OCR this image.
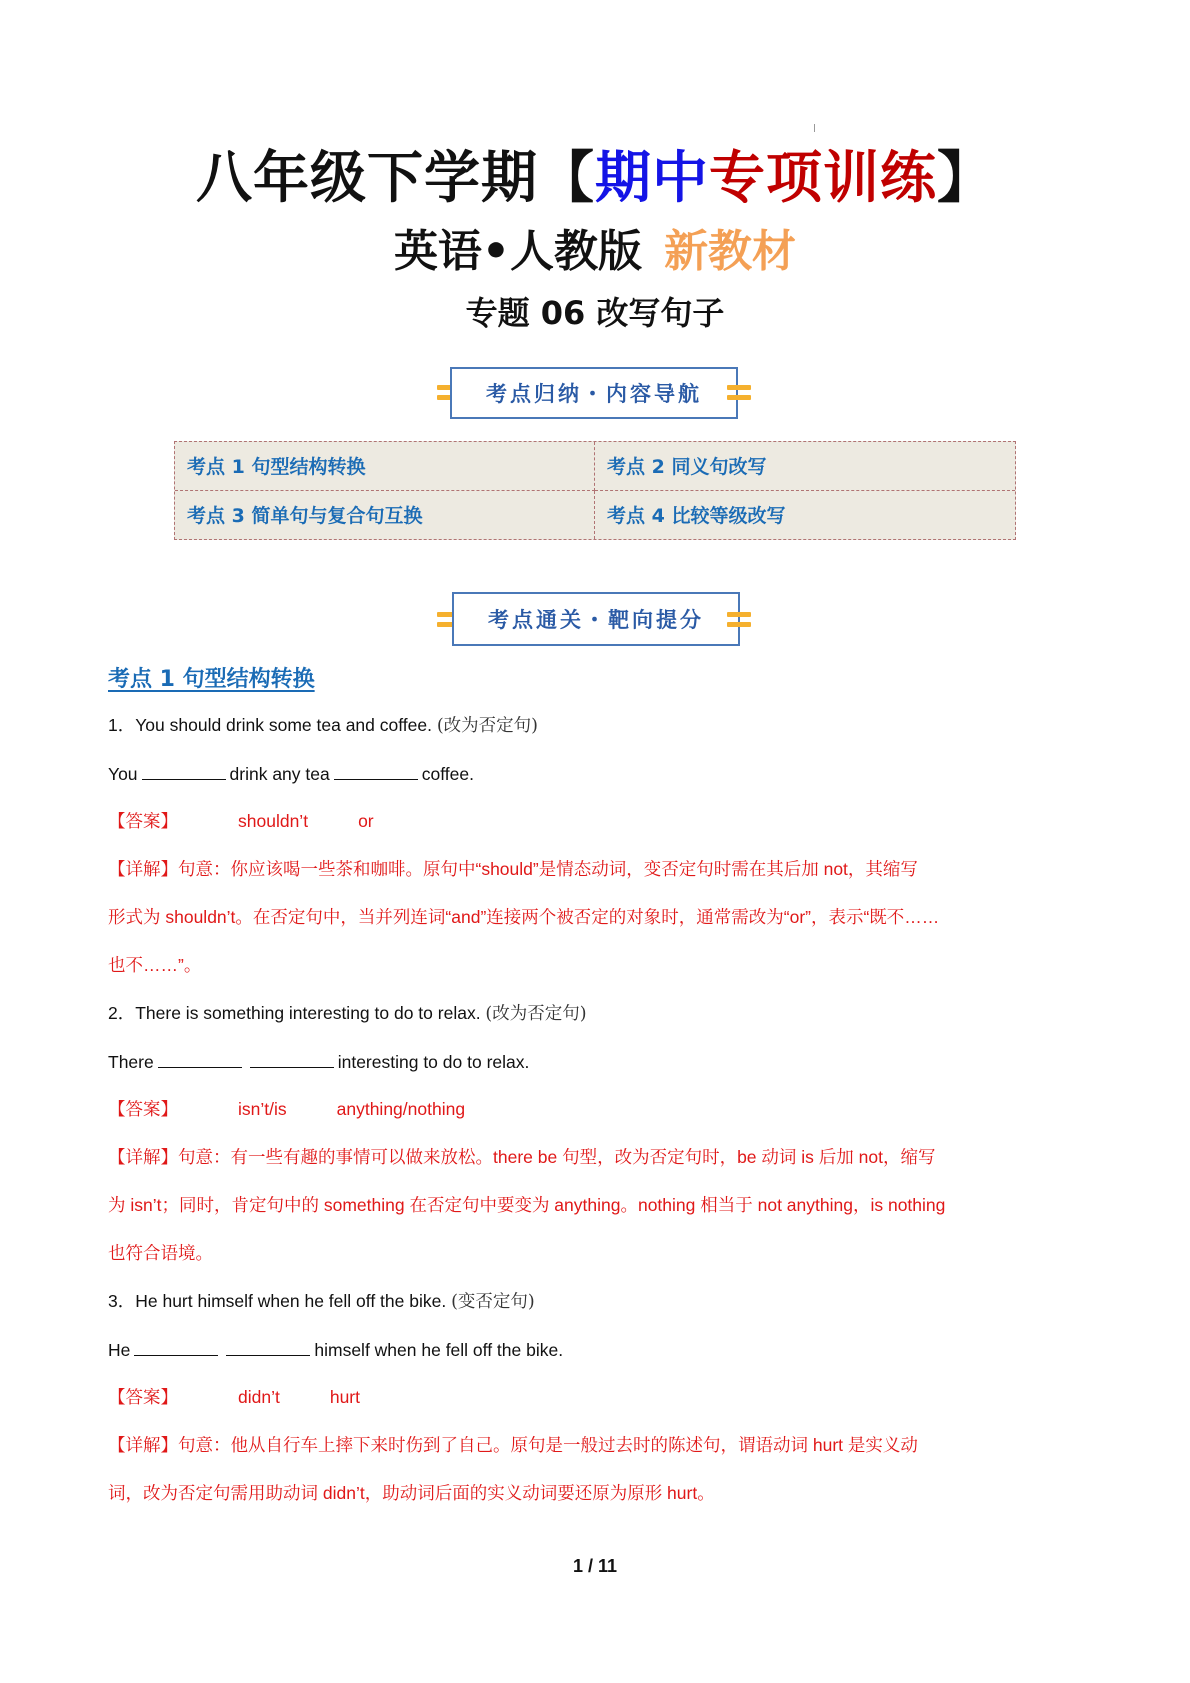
八年级下学期【期中专项训练】
英语•人教版 新教材
专题 06 改写句子
考点归纳・内容导航
考点 1 句型结构转换	考点 2 同义句改写
考点 3 简单句与复合句互换	考点 4 比较等级改写
考点通关・靶向提分
考点 1 句型结构转换
1．You should drink some tea and coffee. (改为否定句)
You	drink any tea	coffee.
【答案】	shouldn’t	or
【详解】句意：你应该喝一些茶和咖啡。原句中“should”是情态动词，变否定句时需在其后加 not，其缩写
形式为 shouldn’t。在否定句中，当并列连词“and”连接两个被否定的对象时，通常需改为“or”，表示“既不……
也不……”。
2．There is something interesting to do to relax. (改为否定句)
There	interesting to do to relax.
【答案】	isn’t/is	anything/nothing
【详解】句意：有一些有趣的事情可以做来放松。there be 句型，改为否定句时，be 动词 is 后加 not，缩写
为 isn’t；同时，肯定句中的 something 在否定句中要变为 anything。nothing 相当于 not anything，is nothing
也符合语境。
3．He hurt himself when he fell off the bike. (变否定句)
He	himself when he fell off the bike.
【答案】	didn’t	hurt
【详解】句意：他从自行车上摔下来时伤到了自己。原句是一般过去时的陈述句，谓语动词 hurt 是实义动
词，改为否定句需用助动词 didn’t，助动词后面的实义动词要还原为原形 hurt。
1 / 11
